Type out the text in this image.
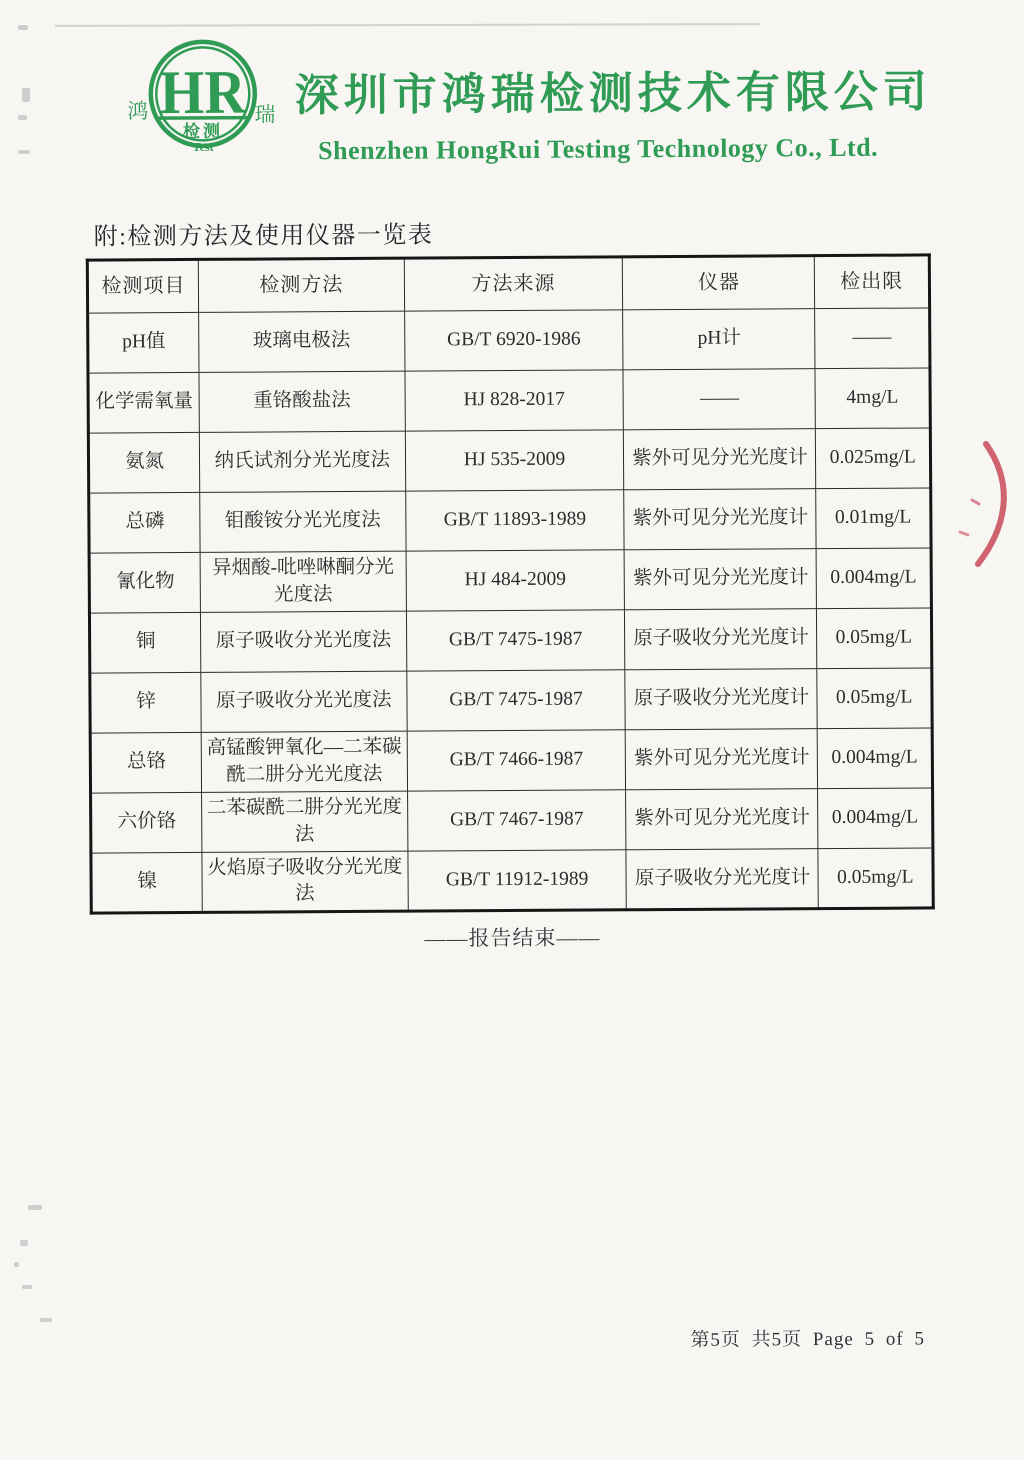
HR
检测
Test
鸿	瑞 深圳市鸿瑞检测技术有限公司
Shenzhen HongRui Testing Technology Co., Ltd.
附:检测方法及使用仪器一览表
检测项目	检测方法	方法来源	仪器	检出限
pH值	玻璃电极法	GB/T 6920-1986	pH计	——
化学需氧量	重铬酸盐法	HJ 828-2017	——	4mg/L
氨氮	纳氏试剂分光光度法	HJ 535-2009	紫外可见分光光度计	0.025mg/L
总磷	钼酸铵分光光度法	GB/T 11893-1989	紫外可见分光光度计	0.01mg/L
氰化物	异烟酸-吡唑啉酮分光光度法	HJ 484-2009	紫外可见分光光度计	0.004mg/L
铜	原子吸收分光光度法	GB/T 7475-1987	原子吸收分光光度计	0.05mg/L
锌	原子吸收分光光度法	GB/T 7475-1987	原子吸收分光光度计	0.05mg/L
总铬	高锰酸钾氧化—二苯碳酰二肼分光光度法	GB/T 7466-1987	紫外可见分光光度计	0.004mg/L
六价铬	二苯碳酰二肼分光光度法	GB/T 7467-1987	紫外可见分光光度计	0.004mg/L
镍	火焰原子吸收分光光度法	GB/T 11912-1989	原子吸收分光光度计	0.05mg/L
——报告结束——
第5页 共5页 Page 5 of 5
